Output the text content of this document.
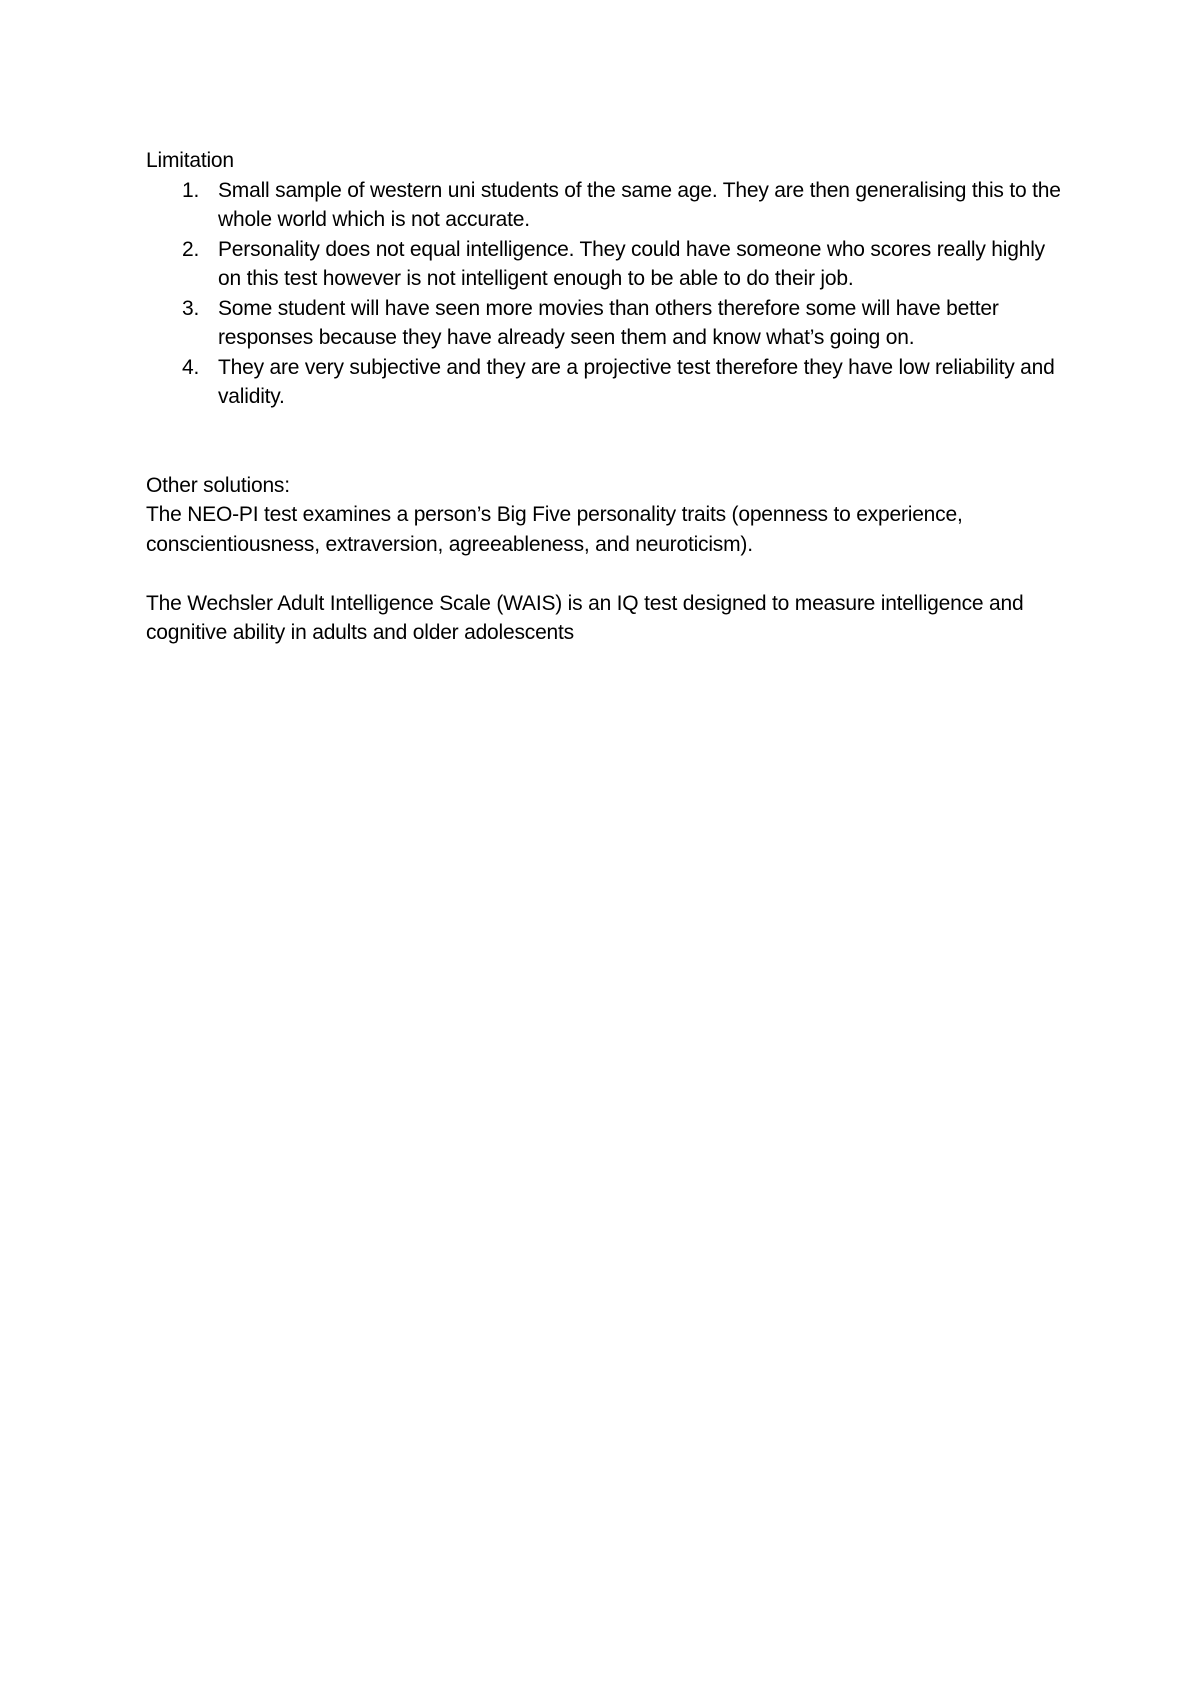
Limitation

1. Small sample of western uni students of the same age. They are then generalising this to the whole world which is not accurate.
2. Personality does not equal intelligence. They could have someone who scores really highly on this test however is not intelligent enough to be able to do their job.
3. Some student will have seen more movies than others therefore some will have better responses because they have already seen them and know what’s going on.
4. They are very subjective and they are a projective test therefore they have low reliability and validity.

Other solutions:

The NEO-PI test examines a person’s Big Five personality traits (openness to experience, conscientiousness, extraversion, agreeableness, and neuroticism).

The Wechsler Adult Intelligence Scale (WAIS) is an IQ test designed to measure intelligence and cognitive ability in adults and older adolescents
